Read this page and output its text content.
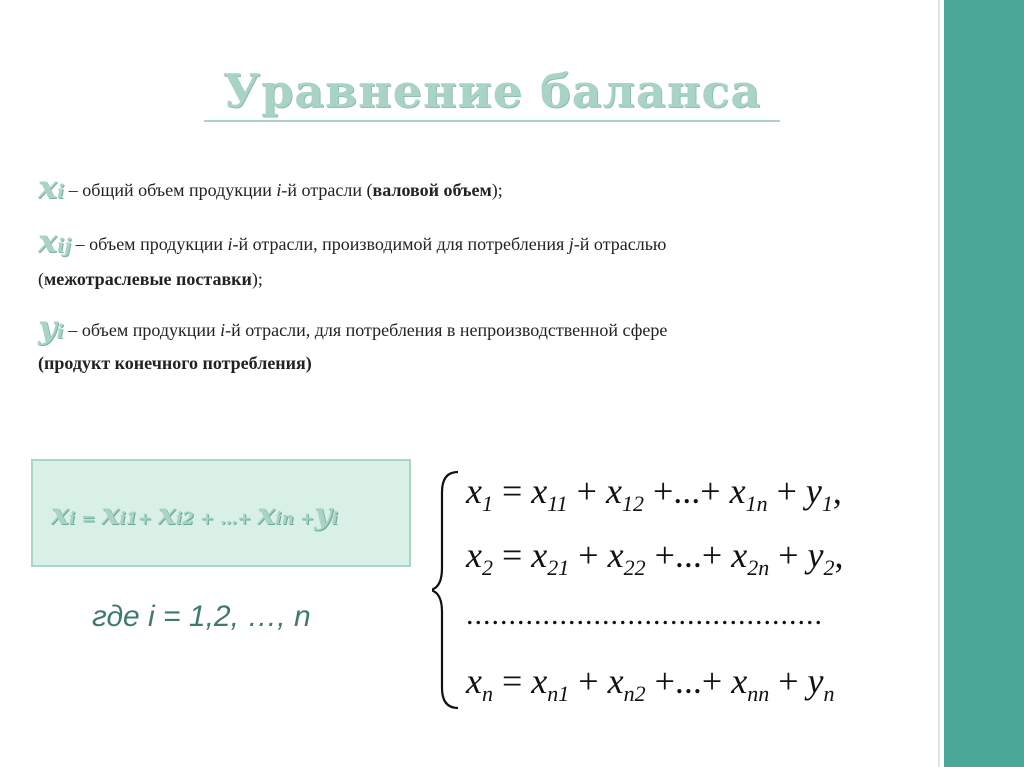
Уравнение баланса
xi – общий объем продукции i-й отрасли (валовой объем);
xij – объем продукции i-й отрасли, производимой для потребления j-й отраслью
(межотраслевые поставки);
yi – объем продукции i-й отрасли, для потребления в непроизводственной сфере
(продукт конечного потребления)
xi = xi1+ xi2 + …+ xin +yi
где i = 1,2, …, n
$x_1 = x_{11} + x_{12}$ +...+ $x_{1n} + y_1$,
$x_2 = x_{21} + x_{22}$ +...+ $x_{2n} + y_2$,
..........................................
$x_n = x_{n1} + x_{n2}$ +...+ $x_{nn} + y_n$
